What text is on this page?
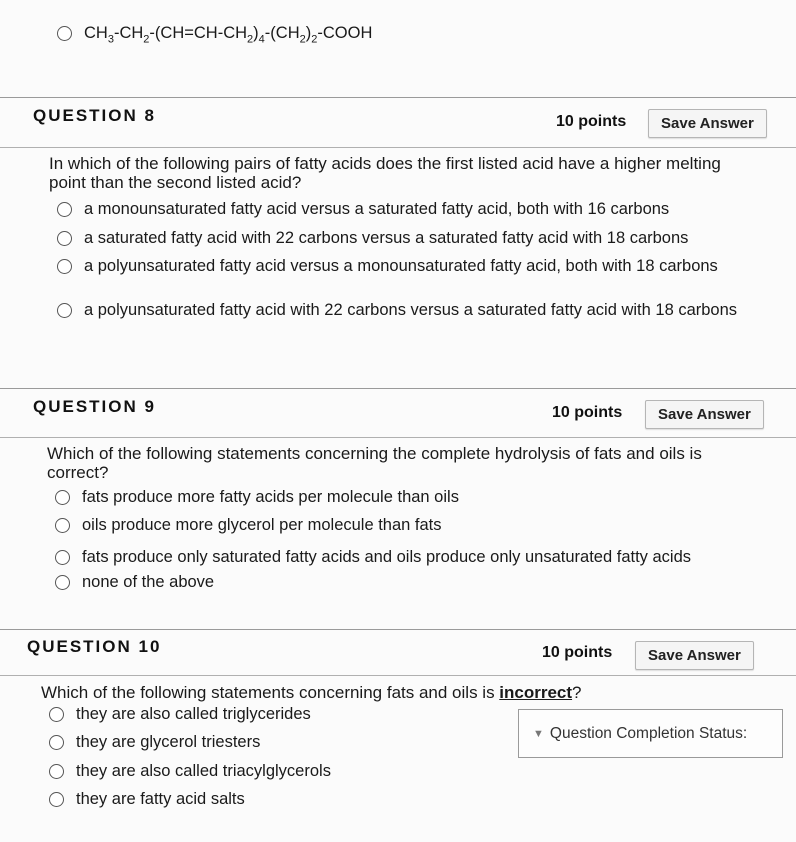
$CH_3-CH_2-(CH=CH-CH_2)_4-(CH_2)_2$-COOH
QUESTION 8	10 points	Save Answer
In which of the following pairs of fatty acids does the first listed acid have a higher melting point than the second listed acid?
a monounsaturated fatty acid versus a saturated fatty acid, both with 16 carbons
a saturated fatty acid with 22 carbons versus a saturated fatty acid with 18 carbons
a polyunsaturated fatty acid versus a monounsaturated fatty acid, both with 18 carbons
a polyunsaturated fatty acid with 22 carbons versus a saturated fatty acid with 18 carbons
QUESTION 9	10 points	Save Answer
Which of the following statements concerning the complete hydrolysis of fats and oils is correct?
fats produce more fatty acids per molecule than oils
oils produce more glycerol per molecule than fats
fats produce only saturated fatty acids and oils produce only unsaturated fatty acids
none of the above
QUESTION 10	10 points	Save Answer
Which of the following statements concerning fats and oils is incorrect?
they are also called triglycerides
they are glycerol triesters
they are also called triacylglycerols
they are fatty acid salts
▼ Question Completion Status:
